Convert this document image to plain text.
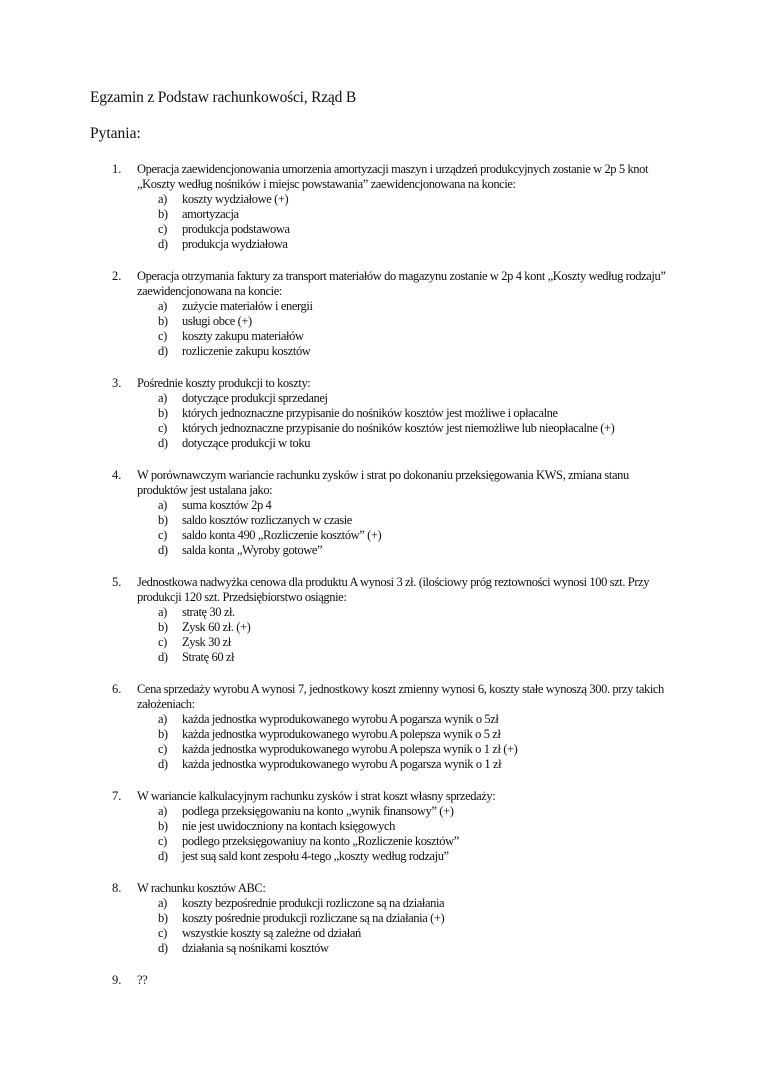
Egzamin z Podstaw rachunkowości, Rząd B
Pytania:
1. Operacja zaewidencjonowania umorzenia amortyzacji maszyn i urządzeń produkcyjnych zostanie w 2p 5 knot „Koszty według nośników i miejsc powstawania” zaewidencjonowana na koncie:
a) koszty wydziałowe (+)
b) amortyzacja
c) produkcja podstawowa
d) produkcja wydziałowa
2. Operacja otrzymania faktury za transport materiałów do magazynu zostanie w 2p 4 kont „Koszty według rodzaju” zaewidencjonowana na koncie:
a) zużycie materiałów i energii
b) usługi obce (+)
c) koszty zakupu materiałów
d) rozliczenie zakupu kosztów
3. Pośrednie koszty produkcji to koszty:
a) dotyczące produkcji sprzedanej
b) których jednoznaczne przypisanie do nośników kosztów jest możliwe i opłacalne
c) których jednoznaczne przypisanie do nośników kosztów jest niemożliwe lub nieopłacalne (+)
d) dotyczące produkcji w toku
4. W porównawczym wariancie rachunku zysków i strat po dokonaniu przeksięgowania KWS, zmiana stanu produktów jest ustalana jako:
a) suma kosztów 2p 4
b) saldo kosztów rozliczanych w czasie
c) saldo konta 490 „Rozliczenie kosztów” (+)
d) salda konta „Wyroby gotowe”
5. Jednostkowa nadwyżka cenowa dla produktu A wynosi 3 zł. (ilościowy próg reztowności wynosi 100 szt. Przy produkcji 120 szt. Przedsiębiorstwo osiągnie:
a) stratę 30 zł.
b) Zysk 60 zł. (+)
c) Zysk 30 zł
d) Stratę 60 zł
6. Cena sprzedaży wyrobu A wynosi 7, jednostkowy koszt zmienny wynosi 6, koszty stałe wynoszą 300. przy takich założeniach:
a) każda jednostka wyprodukowanego wyrobu A pogarsza wynik o 5zł
b) każda jednostka wyprodukowanego wyrobu A polepsza wynik o 5 zł
c) każda jednostka wyprodukowanego wyrobu A polepsza wynik o 1 zł (+)
d) każda jednostka wyprodukowanego wyrobu A pogarsza wynik o 1 zł
7. W wariancie kalkulacyjnym rachunku zysków i strat koszt własny sprzedaży:
a) podlega przeksięgowaniu na konto „wynik finansowy” (+)
b) nie jest uwidoczniony na kontach księgowych
c) podlego przeksięgowaniuy na konto „Rozliczenie kosztów”
d) jest suą sald kont zespołu 4-tego „koszty według rodzaju”
8. W rachunku kosztów ABC:
a) koszty bezpośrednie produkcji rozliczone są na działania
b) koszty pośrednie produkcji rozliczane są na działania (+)
c) wszystkie koszty są zależne od działań
d) działania są nośnikami kosztów
9. ??
